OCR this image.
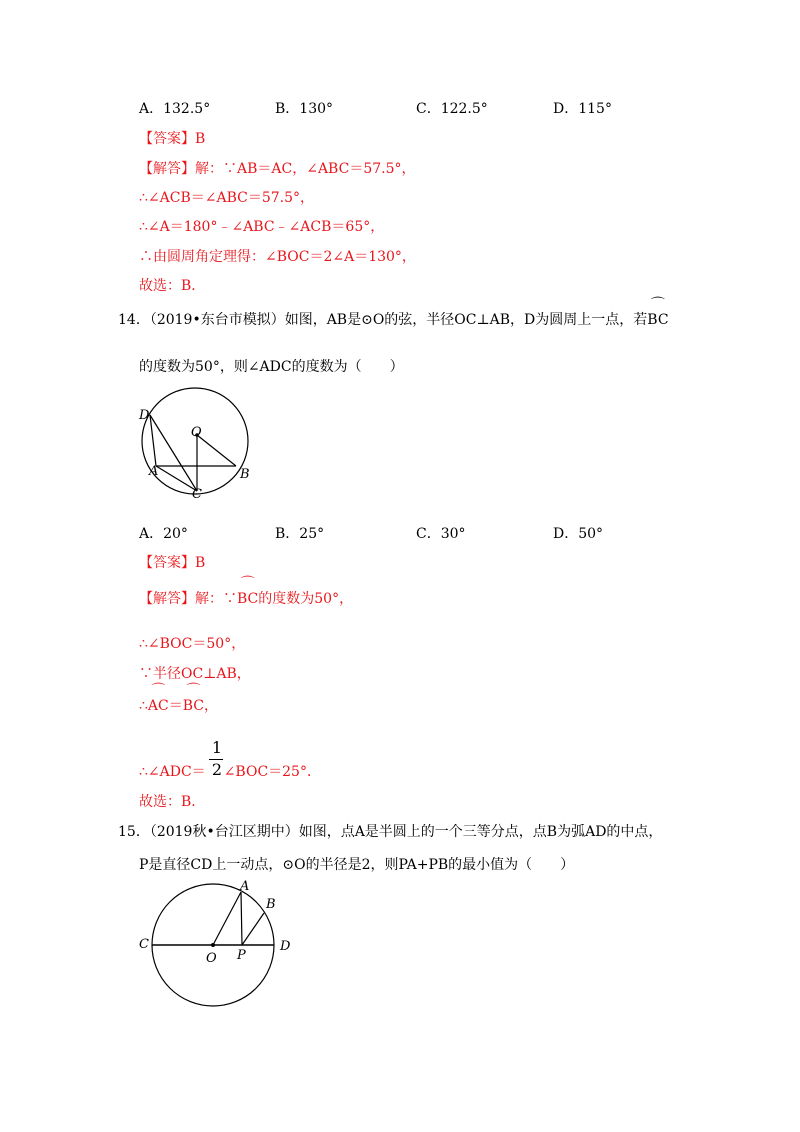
A．132.5°	B．130°	C．122.5°	D．115°
【答案】B
【解答】解：∵AB＝AC，∠ABC＝57.5°，
∴∠ACB＝∠ABC＝57.5°，
∴∠A＝180°﹣∠ABC﹣∠ACB＝65°，
∴由圆周角定理得：∠BOC＝2∠A＝130°，
故选：B．
14．（2019•东台市模拟）如图，AB是⊙O的弦，半径OC⊥AB，D为圆周上一点，若⌒ BC
的度数为50°，则∠ADC的度数为（　　）
D
O
A	B
C
A．20°	B．25°	C．30°	D．50°
【答案】B
【解答】解：∵⌒ BC的度数为50°，
∴∠BOC＝50°，
∵半径OC⊥AB，
∴⌒ AC＝⌒ BC，
1
2
∴∠ADC＝ ∠BOC＝25°．
故选：B．
15．（2019秋•台江区期中）如图，点A是半圆上的一个三等分点，点B为弧AD的中点，
P是直径CD上一动点，⊙O的半径是2，则PA+PB的最小值为（　　）
A
B
C	D
O P
